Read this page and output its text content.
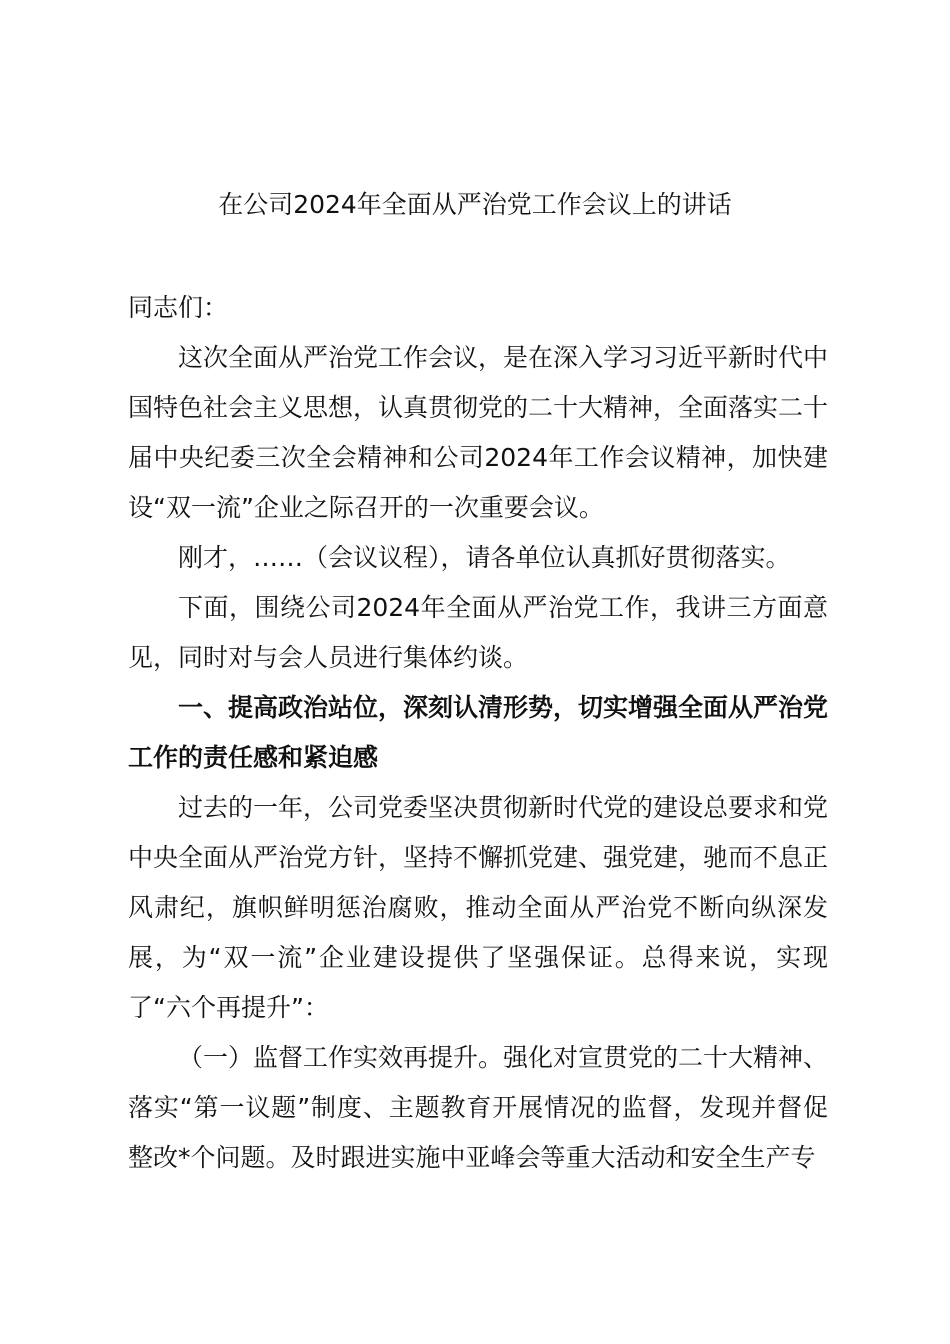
在公司2024年全面从严治党工作会议上的讲话

同志们：

这次全面从严治党工作会议，是在深入学习习近平新时代中国特色社会主义思想，认真贯彻党的二十大精神，全面落实二十届中央纪委三次全会精神和公司2024年工作会议精神，加快建设“双一流”企业之际召开的一次重要会议。

刚才，……（会议议程），请各单位认真抓好贯彻落实。

下面，围绕公司2024年全面从严治党工作，我讲三方面意见，同时对与会人员进行集体约谈。

一、提高政治站位，深刻认清形势，切实增强全面从严治党工作的责任感和紧迫感

过去的一年，公司党委坚决贯彻新时代党的建设总要求和党中央全面从严治党方针，坚持不懈抓党建、强党建，驰而不息正风肃纪，旗帜鲜明惩治腐败，推动全面从严治党不断向纵深发展，为“双一流”企业建设提供了坚强保证。总得来说，实现了“六个再提升”：

（一）监督工作实效再提升。强化对宣贯党的二十大精神、落实“第一议题”制度、主题教育开展情况的监督，发现并督促整改*个问题。及时跟进实施中亚峰会等重大活动和安全生产专
